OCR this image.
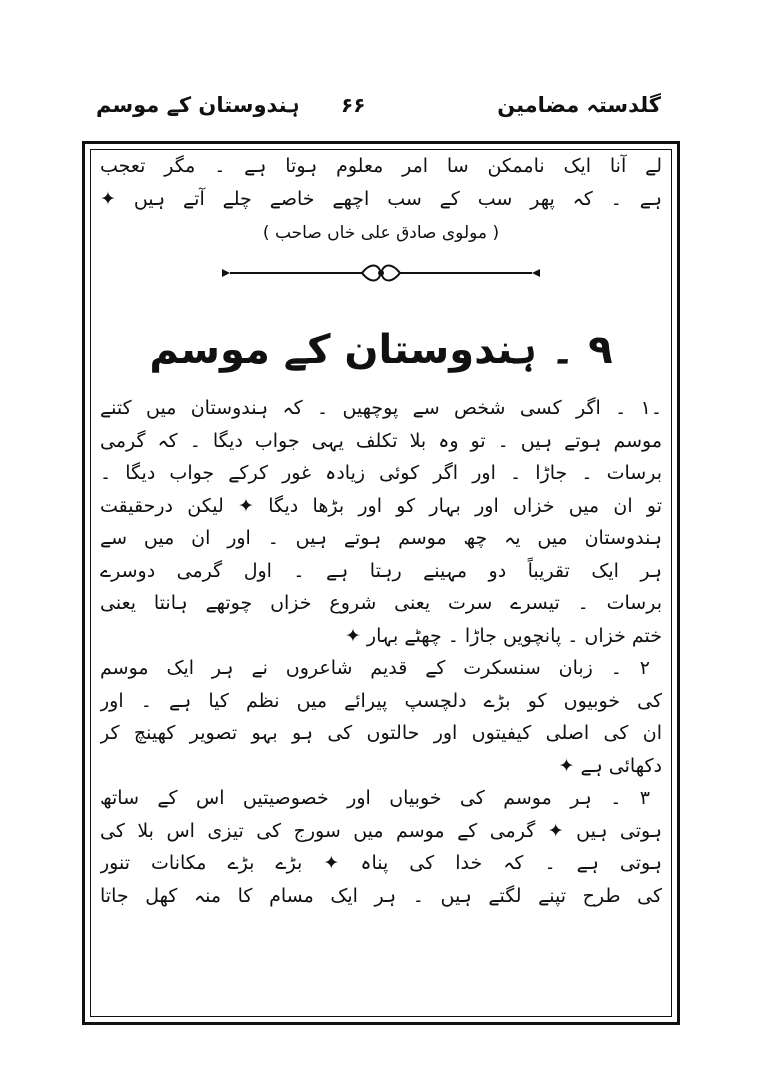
ہندوستان کے موسم ۶۶	گلدستہ مضامین
لے آنا ایک ناممکن سا امر معلوم ہوتا ہے ۔ مگر تعجب
ہے ۔ کہ پھر سب کے سب اچھے خاصے چلے آتے ہیں ✦
( مولوی صادق علی خاں صاحب )
۹ ۔ ہندوستان کے موسم
۔۱ ۔ اگر کسی شخص سے پوچھیں ۔ کہ ہندوستان میں کتنے
موسم ہوتے ہیں ۔ تو وہ بلا تکلف یہی جواب دیگا ۔ کہ گرمی
برسات ۔ جاڑا ۔ اور اگر کوئی زیادہ غور کرکے جواب دیگا ۔
تو ان میں خزاں اور بہار کو اور بڑھا دیگا ✦ لیکن درحقیقت
ہندوستان میں یہ چھ موسم ہوتے ہیں ۔ اور ان میں سے
ہر ایک تقریباً دو مہینے رہتا ہے ۔ اول گرمی دوسرے
برسات ۔ تیسرے سرت یعنی شروع خزاں چوتھے ہانتا یعنی
ختم خزاں ۔ پانچویں جاڑا ۔ چھٹے بہار ✦
۲ ۔ زبان سنسکرت کے قدیم شاعروں نے ہر ایک موسم
کی خوبیوں کو بڑے دلچسپ پیرائے میں نظم کیا ہے ۔ اور
ان کی اصلی کیفیتوں اور حالتوں کی ہو بہو تصویر کھینچ کر
دکھائی ہے ✦
۳ ۔ ہر موسم کی خوبیاں اور خصوصیتیں اس کے ساتھ
ہوتی ہیں ✦ گرمی کے موسم میں سورج کی تیزی اس بلا کی
ہوتی ہے ۔ کہ خدا کی پناہ ✦ بڑے بڑے مکانات تنور
کی طرح تپنے لگتے ہیں ۔ ہر ایک مسام کا منہ کھل جاتا
